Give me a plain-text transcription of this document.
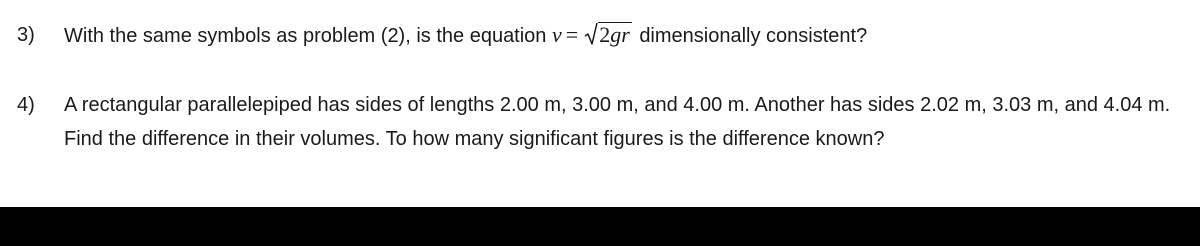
3) With the same symbols as problem (2), is the equation v = 2gr dimensionally consistent?
4) A rectangular parallelepiped has sides of lengths 2.00 m, 3.00 m, and 4.00 m. Another has sides 2.02 m, 3.03 m, and 4.04 m. Find the difference in their volumes. To how many significant figures is the difference known?
